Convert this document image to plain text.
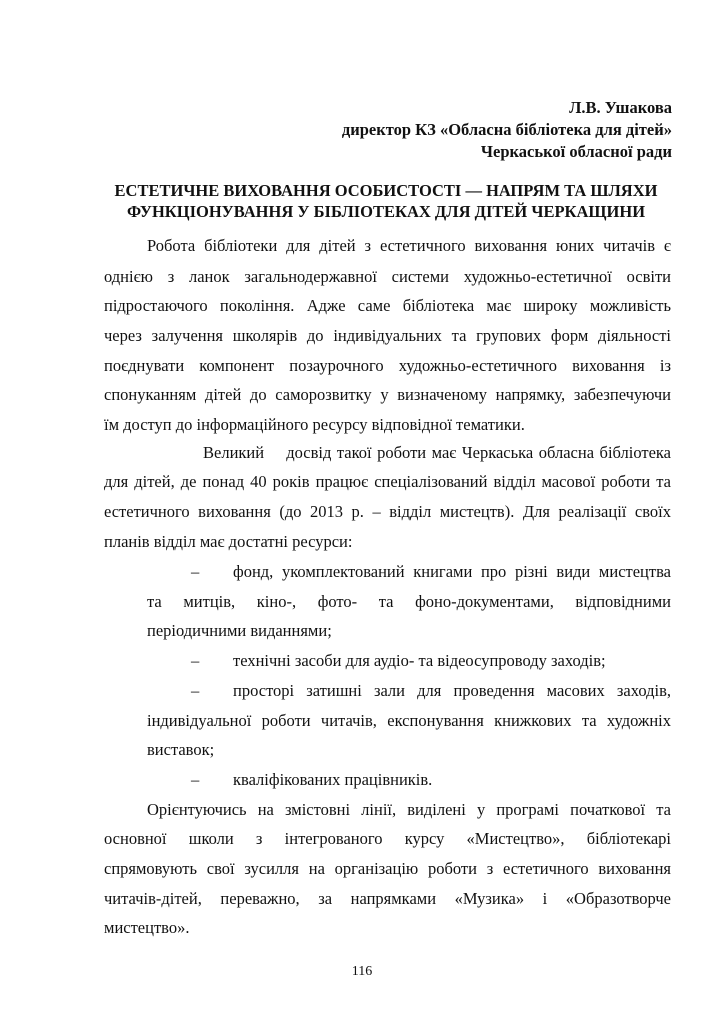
Л.В. Ушакова
директор КЗ «Обласна бібліотека для дітей»
Черкаської обласної ради
ЕСТЕТИЧНЕ ВИХОВАННЯ ОСОБИСТОСТІ — НАПРЯМ ТА ШЛЯХИ
ФУНКЦІОНУВАННЯ У БІБЛІОТЕКАХ ДЛЯ ДІТЕЙ ЧЕРКАЩИНИ
Робота бібліотеки для дітей з естетичного виховання юних читачів є
однією з ланок загальнодержавної системи художньо-естетичної освіти
підростаючого покоління. Адже саме бібліотека має широку можливість
через залучення школярів до індивідуальних та групових форм діяльності
поєднувати компонент позаурочного художньо-естетичного виховання із
спонуканням дітей до саморозвитку у визначеному напрямку, забезпечуючи
їм доступ до інформаційного ресурсу відповідної тематики.
Великий    досвід такої роботи має Черкаська обласна бібліотека
для дітей, де понад 40 років працює спеціалізований відділ масової роботи та
естетичного виховання (до 2013 р. – відділ мистецтв). Для реалізації своїх
планів відділ має достатні ресурси:
– фонд, укомплектований книгами про різні види мистецтва
та митців, кіно-, фото- та фоно-документами, відповідними
періодичними виданнями;
– технічні засоби для аудіо- та відеосупроводу заходів;
– просторі затишні зали для проведення масових заходів,
індивідуальної роботи читачів, експонування книжкових та художніх
виставок;
– кваліфікованих працівників.
Орієнтуючись на змістовні лінії, виділені у програмі початкової та
основної школи з інтегрованого курсу «Мистецтво», бібліотекарі
спрямовують свої зусилля на організацію роботи з естетичного виховання
читачів-дітей, переважно, за напрямками «Музика» і «Образотворче
мистецтво».
116
